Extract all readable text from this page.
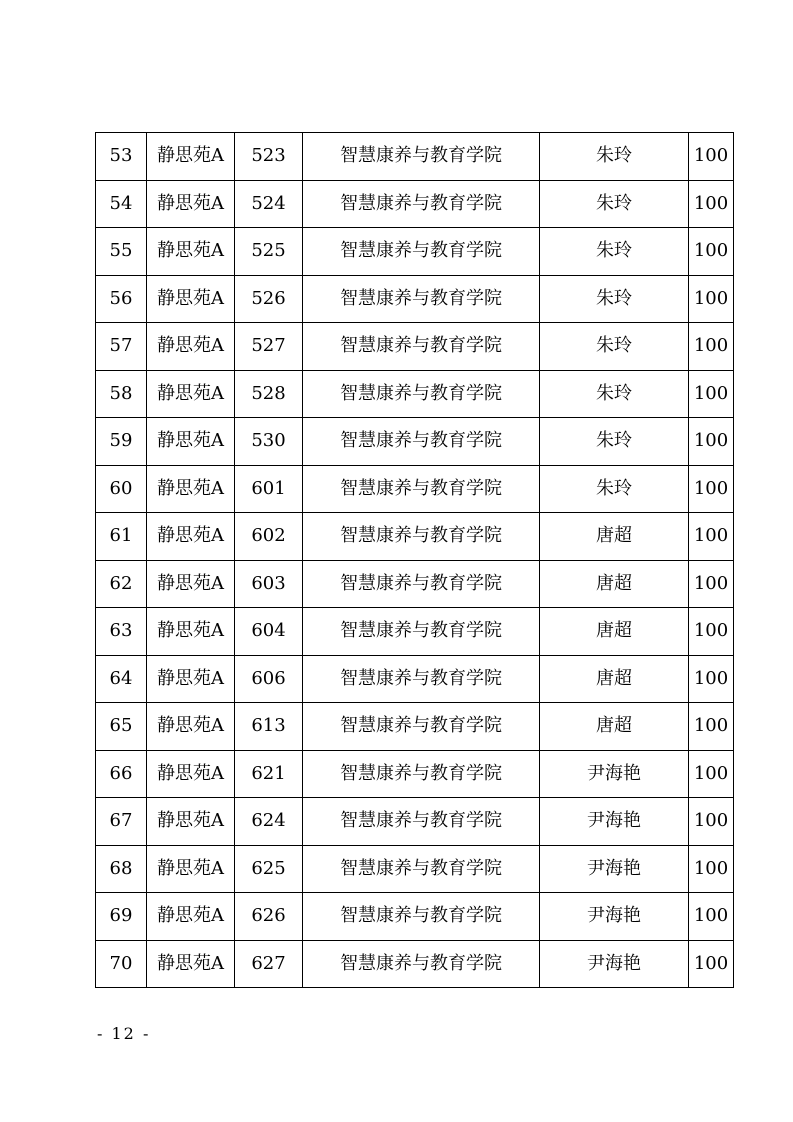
53	静思苑A	523	智慧康养与教育学院	朱玲	100
54	静思苑A	524	智慧康养与教育学院	朱玲	100
55	静思苑A	525	智慧康养与教育学院	朱玲	100
56	静思苑A	526	智慧康养与教育学院	朱玲	100
57	静思苑A	527	智慧康养与教育学院	朱玲	100
58	静思苑A	528	智慧康养与教育学院	朱玲	100
59	静思苑A	530	智慧康养与教育学院	朱玲	100
60	静思苑A	601	智慧康养与教育学院	朱玲	100
61	静思苑A	602	智慧康养与教育学院	唐超	100
62	静思苑A	603	智慧康养与教育学院	唐超	100
63	静思苑A	604	智慧康养与教育学院	唐超	100
64	静思苑A	606	智慧康养与教育学院	唐超	100
65	静思苑A	613	智慧康养与教育学院	唐超	100
66	静思苑A	621	智慧康养与教育学院	尹海艳	100
67	静思苑A	624	智慧康养与教育学院	尹海艳	100
68	静思苑A	625	智慧康养与教育学院	尹海艳	100
69	静思苑A	626	智慧康养与教育学院	尹海艳	100
70	静思苑A	627	智慧康养与教育学院	尹海艳	100
- 12 -
